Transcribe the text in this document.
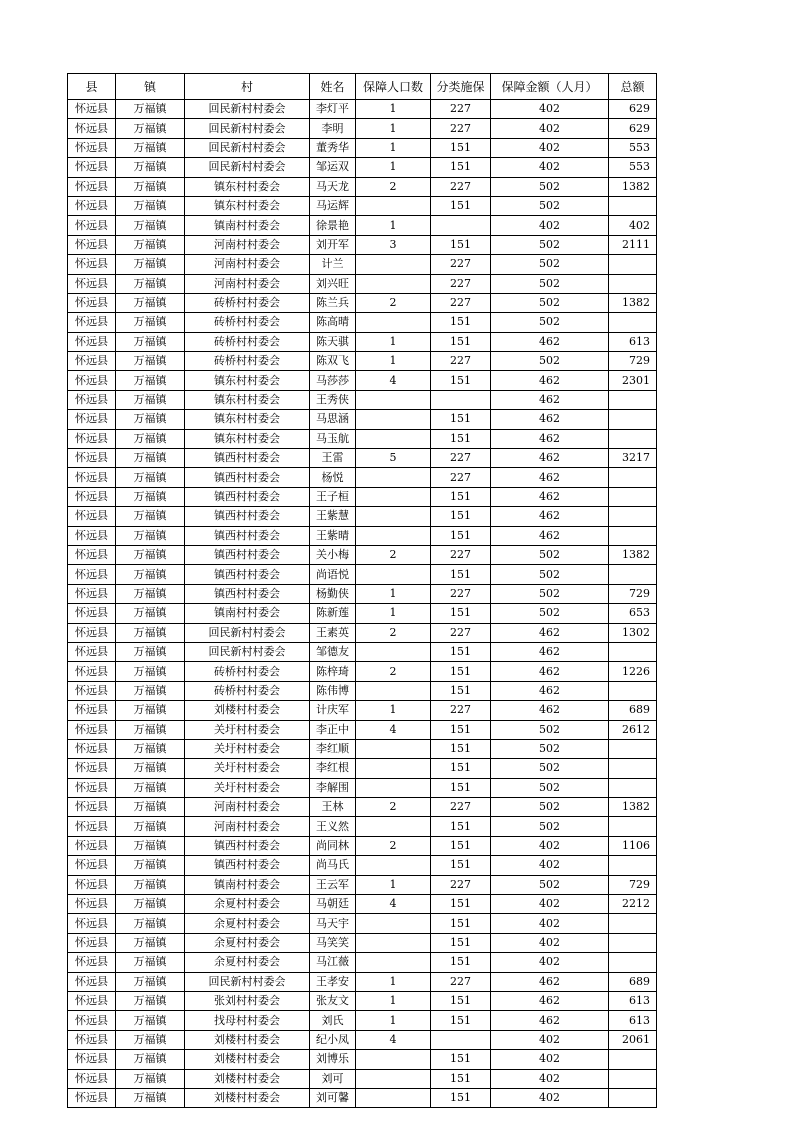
县	镇	村	姓名	保障人口数	分类施保	保障金额（人月）	总额
怀远县	万福镇	回民新村村委会	李灯平	1	227	402	629
怀远县	万福镇	回民新村村委会	李明	1	227	402	629
怀远县	万福镇	回民新村村委会	董秀华	1	151	402	553
怀远县	万福镇	回民新村村委会	邹运双	1	151	402	553
怀远县	万福镇	镇东村村委会	马天龙	2	227	502	1382
怀远县	万福镇	镇东村村委会	马运辉		151	502	
怀远县	万福镇	镇南村村委会	徐景艳	1		402	402
怀远县	万福镇	河南村村委会	刘开军	3	151	502	2111
怀远县	万福镇	河南村村委会	计兰		227	502	
怀远县	万福镇	河南村村委会	刘兴旺		227	502	
怀远县	万福镇	砖桥村村委会	陈兰兵	2	227	502	1382
怀远县	万福镇	砖桥村村委会	陈高晴		151	502	
怀远县	万福镇	砖桥村村委会	陈天骐	1	151	462	613
怀远县	万福镇	砖桥村村委会	陈双飞	1	227	502	729
怀远县	万福镇	镇东村村委会	马莎莎	4	151	462	2301
怀远县	万福镇	镇东村村委会	王秀侠			462	
怀远县	万福镇	镇东村村委会	马思涵		151	462	
怀远县	万福镇	镇东村村委会	马玉航		151	462	
怀远县	万福镇	镇西村村委会	王雷	5	227	462	3217
怀远县	万福镇	镇西村村委会	杨悦		227	462	
怀远县	万福镇	镇西村村委会	王子桓		151	462	
怀远县	万福镇	镇西村村委会	王紫慧		151	462	
怀远县	万福镇	镇西村村委会	王紫晴		151	462	
怀远县	万福镇	镇西村村委会	关小梅	2	227	502	1382
怀远县	万福镇	镇西村村委会	尚语悦		151	502	
怀远县	万福镇	镇西村村委会	杨勤侠	1	227	502	729
怀远县	万福镇	镇南村村委会	陈新莲	1	151	502	653
怀远县	万福镇	回民新村村委会	王素英	2	227	462	1302
怀远县	万福镇	回民新村村委会	邹德友		151	462	
怀远县	万福镇	砖桥村村委会	陈梓琦	2	151	462	1226
怀远县	万福镇	砖桥村村委会	陈伟博		151	462	
怀远县	万福镇	刘楼村村委会	计庆军	1	227	462	689
怀远县	万福镇	关圩村村委会	李正中	4	151	502	2612
怀远县	万福镇	关圩村村委会	李红顺		151	502	
怀远县	万福镇	关圩村村委会	李红根		151	502	
怀远县	万福镇	关圩村村委会	李解围		151	502	
怀远县	万福镇	河南村村委会	王林	2	227	502	1382
怀远县	万福镇	河南村村委会	王义然		151	502	
怀远县	万福镇	镇西村村委会	尚同林	2	151	402	1106
怀远县	万福镇	镇西村村委会	尚马氏		151	402	
怀远县	万福镇	镇南村村委会	王云军	1	227	502	729
怀远县	万福镇	余夏村村委会	马朝廷	4	151	402	2212
怀远县	万福镇	余夏村村委会	马天宇		151	402	
怀远县	万福镇	余夏村村委会	马笑笑		151	402	
怀远县	万福镇	余夏村村委会	马江薇		151	402	
怀远县	万福镇	回民新村村委会	王孝安	1	227	462	689
怀远县	万福镇	张刘村村委会	张友文	1	151	462	613
怀远县	万福镇	找母村村委会	刘氏	1	151	462	613
怀远县	万福镇	刘楼村村委会	纪小凤	4		402	2061
怀远县	万福镇	刘楼村村委会	刘博乐		151	402	
怀远县	万福镇	刘楼村村委会	刘可		151	402	
怀远县	万福镇	刘楼村村委会	刘可馨		151	402	
